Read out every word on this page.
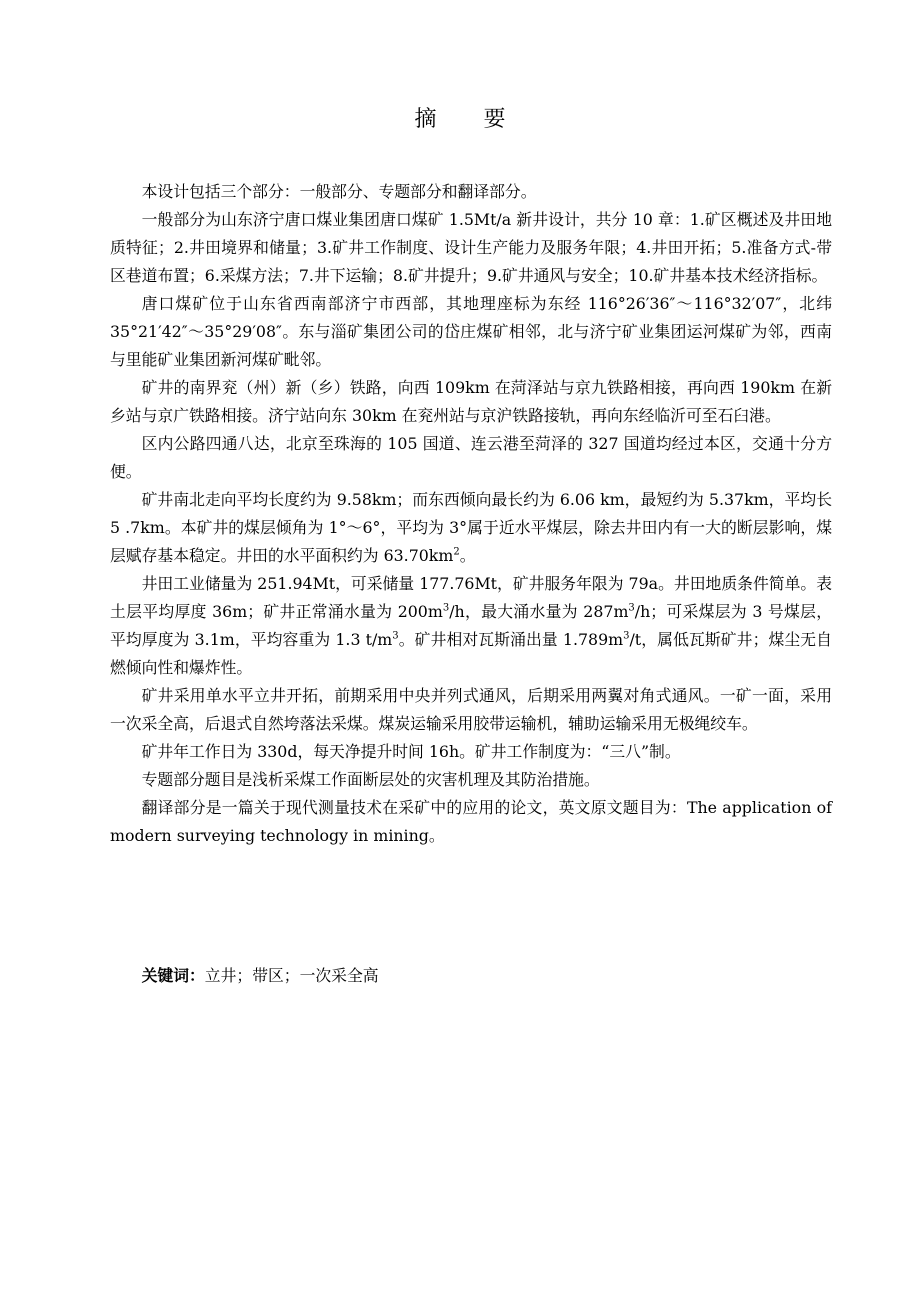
摘 要

本设计包括三个部分：一般部分、专题部分和翻译部分。

一般部分为山东济宁唐口煤业集团唐口煤矿 1.5Mt/a 新井设计，共分 10 章：1.矿区概述及井田地质特征；2.井田境界和储量；3.矿井工作制度、设计生产能力及服务年限；4.井田开拓；5.准备方式-带区巷道布置；6.采煤方法；7.井下运输；8.矿井提升；9.矿井通风与安全；10.矿井基本技术经济指标。

唐口煤矿位于山东省西南部济宁市西部，其地理座标为东经 116°26′36″～116°32′07″，北纬 35°21′42″～35°29′08″。东与淄矿集团公司的岱庄煤矿相邻，北与济宁矿业集团运河煤矿为邻，西南与里能矿业集团新河煤矿毗邻。

矿井的南界兖（州）新（乡）铁路，向西 109km 在菏泽站与京九铁路相接，再向西 190km 在新乡站与京广铁路相接。济宁站向东 30km 在兖州站与京沪铁路接轨，再向东经临沂可至石臼港。

区内公路四通八达，北京至珠海的 105 国道、连云港至菏泽的 327 国道均经过本区，交通十分方便。

矿井南北走向平均长度约为 9.58km；而东西倾向最长约为 6.06 km，最短约为 5.37km，平均长 5 .7km。本矿井的煤层倾角为 1°～6°，平均为 3°属于近水平煤层，除去井田内有一大的断层影响，煤层赋存基本稳定。井田的水平面积约为 $63.70km^2$。

井田工业储量为 251.94Mt，可采储量 177.76Mt，矿井服务年限为 79a。井田地质条件简单。表土层平均厚度 36m；矿井正常涌水量为 $200m^3/h$，最大涌水量为 $287m^3/h$；可采煤层为 3 号煤层，平均厚度为 3.1m，平均容重为 1.3 $t/m^3$。矿井相对瓦斯涌出量 $1.789m^3/t$，属低瓦斯矿井；煤尘无自燃倾向性和爆炸性。

矿井采用单水平立井开拓，前期采用中央并列式通风，后期采用两翼对角式通风。一矿一面，采用一次采全高，后退式自然垮落法采煤。煤炭运输采用胶带运输机，辅助运输采用无极绳绞车。

矿井年工作日为 330d，每天净提升时间 16h。矿井工作制度为：“三八”制。

专题部分题目是浅析采煤工作面断层处的灾害机理及其防治措施。

翻译部分是一篇关于现代测量技术在采矿中的应用的论文，英文原文题目为：The application of modern surveying technology in mining。

关键词：立井；带区；一次采全高
